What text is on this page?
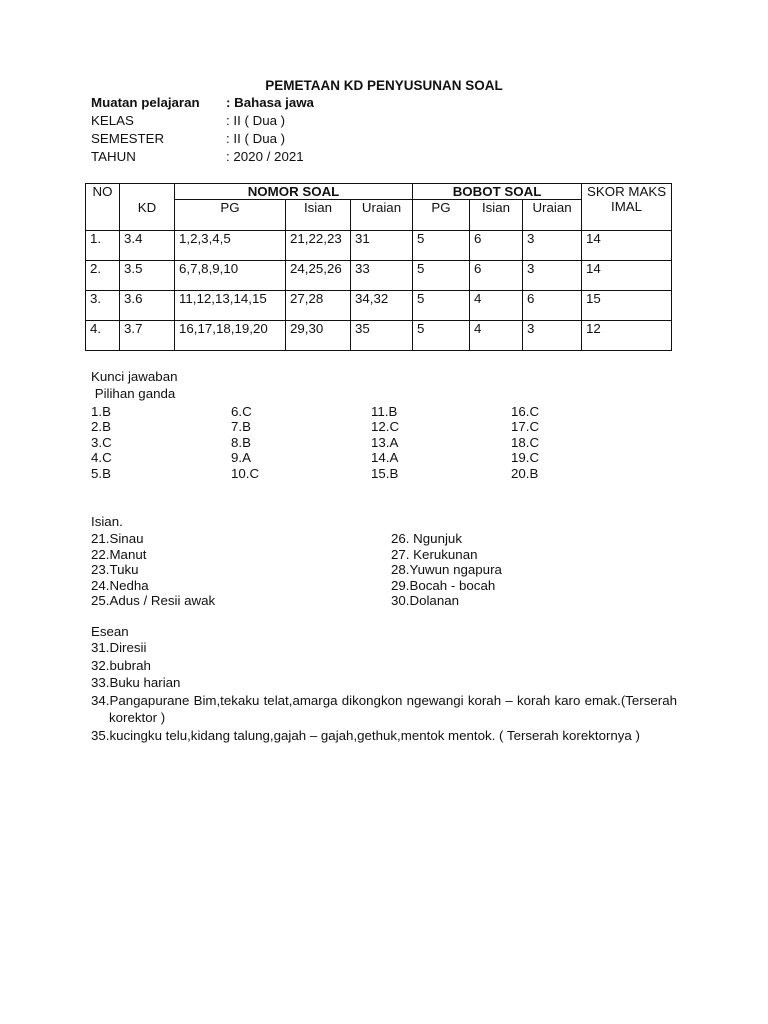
PEMETAAN KD PENYUSUNAN SOAL
Muatan pelajaran	: Bahasa jawa
KELAS	: II ( Dua )
SEMESTER	: II ( Dua )
TAHUN	: 2020 / 2021
NO	KD	NOMOR SOAL			BOBOT SOAL			SKOR MAKSIMAL
		PG	Isian	Uraian	PG	Isian	Uraian	
1.	3.4	1,2,3,4,5	21,22,23	31	5	6	3	14
2.	3.5	6,7,8,9,10	24,25,26	33	5	6	3	14
3.	3.6	11,12,13,14,15	27,28	34,32	5	4	6	15
4.	3.7	16,17,18,19,20	29,30	35	5	4	3	12
Kunci jawaban
Pilihan ganda
1.B	6.C	11.B	16.C
2.B	7.B	12.C	17.C
3.C	8.B	13.A	18.C
4.C	9.A	14.A	19.C
5.B	10.C	15.B	20.B
Isian.
21.Sinau	26. Ngunjuk
22.Manut	27. Kerukunan
23.Tuku	28.Yuwun ngapura
24.Nedha	29.Bocah - bocah
25.Adus / Resii awak	30.Dolanan
Esean
31.Diresii
32.bubrah
33.Buku harian
34.Pangapurane Bim,tekaku telat,amarga dikongkon ngewangi korah – korah karo emak.(Terserah korektor )
35.kucingku telu,kidang talung,gajah – gajah,gethuk,mentok mentok. ( Terserah korektornya )
